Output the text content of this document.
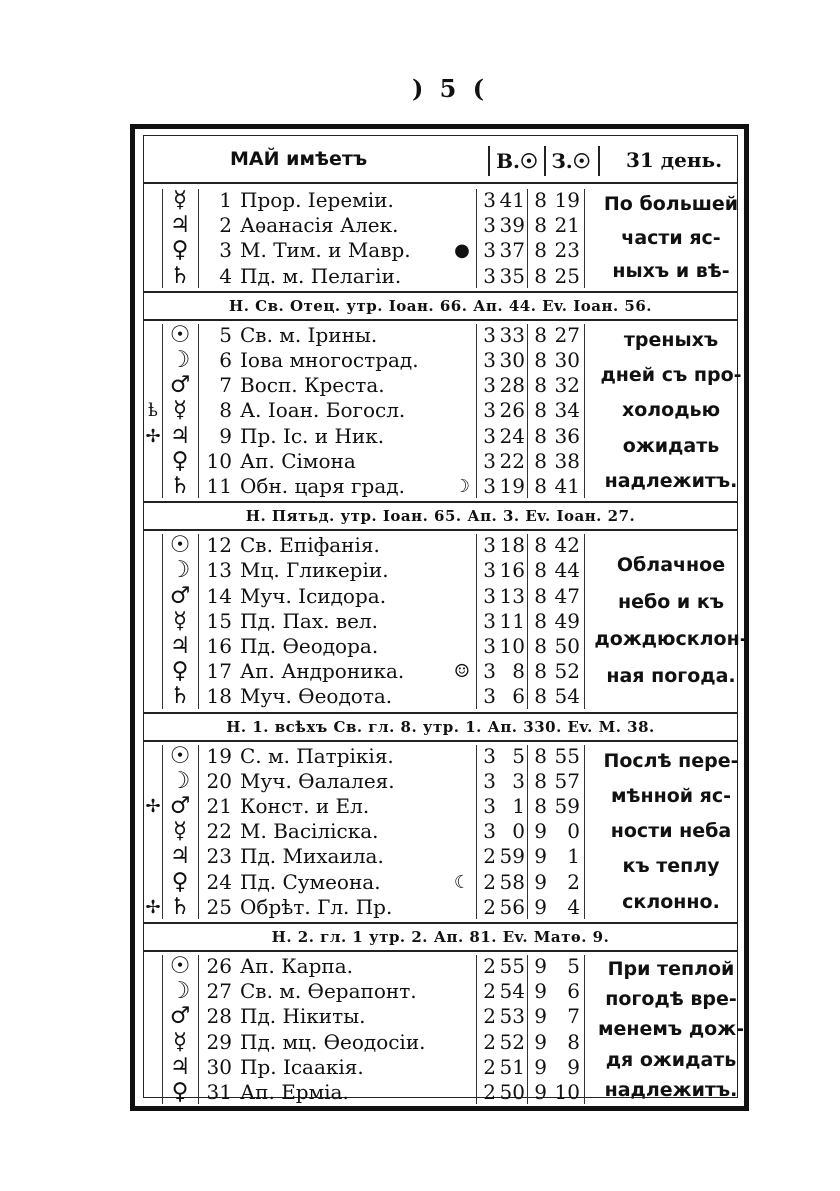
) 5 (
МАЙ имѣетъ	В.☉ З.☉	31 день.
☿	1 Прор. Іереміи.	3 41 8 19
♃	2 Аѳанасія Алек.	3 39 8 21
♀	3 М. Тим. и Мавр. ● 3 37 8 23
♄	4 Пд. м. Пелагіи.	3 35 8 25
По большей
части яс-
ныхъ и вѣ-
Н. Св. Отец. утр. Іоан. 66. Ап. 44. Ev. Іоан. 56.
☉	5 Св. м. Ірины.	3 33 8 27
☽	6 Іова многострад.	3 30 8 30
♂	7 Восп. Креста.	3 28 8 32
ҍ ☿	8 А. Іоан. Богосл.	3 26 8 34
✢ ♃	9 Пр. Іс. и Ник.	3 24 8 36
♀ 10 Ап. Сімона	3 22 8 38
♄ 11 Обн. царя град.	☽ 3 19 8 41
треныхъ
дней съ про-
холодью
ожидать
надлежитъ.
Н. Пятьд. утр. Іоан. 65. Ап. 3. Ev. Іоан. 27.
☉ 12 Св. Епіфанія.	3 18 8 42
☽ 13 Мц. Гликеріи.	3 16 8 44
♂ 14 Муч. Ісидора.	3 13 8 47
☿ 15 Пд. Пах. вел.	3 11 8 49
♃ 16 Пд. Ѳеодора.	3 10 8 50
♀ 17 Ап. Андроника.	☺ 3 8 8 52
♄ 18 Муч. Ѳеодота.	3 6 8 54
Облачное
небо и къ
дождюсклон-
ная погода.
Н. 1. всѣхъ Св. гл. 8. утр. 1. Ап. 330. Ev. М. 38.
☉ 19 С. м. Патрікія.	3 5 8 55
☽ 20 Муч. Ѳалалея.	3 3 8 57
✢ ♂ 21 Конст. и Ел.	3 1 8 59
☿ 22 М. Васіліска.	3 0 9	0
♃ 23 Пд. Михаила.	2 59 9	1
♀ 24 Пд. Сумеона.	☾ 2 58 9	2
✢ ♄ 25 Обрѣт. Гл. Пр.	2 56 9	4
Послѣ пере-
мѣнной яс-
ности неба
къ теплу
склонно.
Н. 2. гл. 1 утр. 2. Ап. 81. Ev. Матѳ. 9.
☉ 26 Ап. Карпа.	2 55 9	5
☽ 27 Св. м. Ѳерапонт.	2 54 9	6
♂ 28 Пд. Нікиты.	2 53 9	7
☿ 29 Пд. мц. Ѳеодосіи.	2 52 9	8
♃ 30 Пр. Ісаакія.	2 51 9	9
♀ 31 Ап. Ерміа.	2 50 9 10
При теплой
погодѣ вре-
менемъ дож-
дя ожидать
надлежитъ.
